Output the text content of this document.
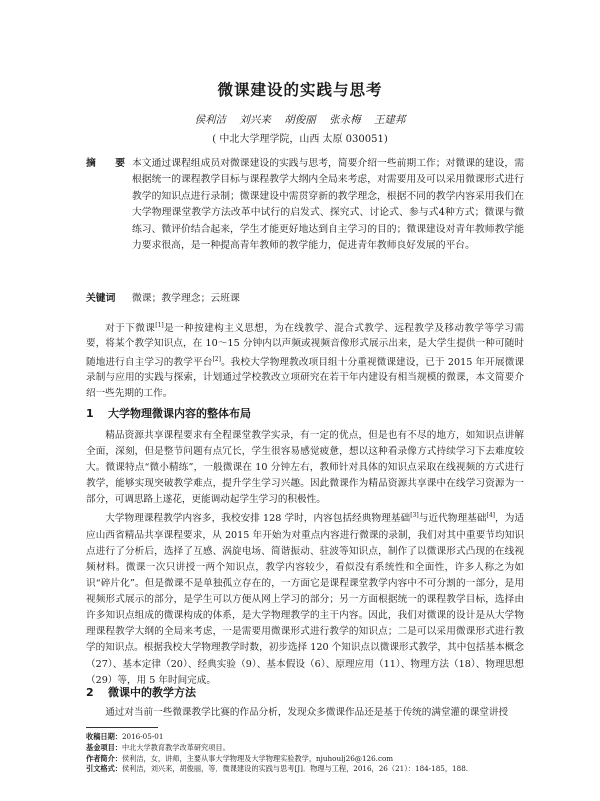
微课建设的实践与思考
侯利洁 刘兴来 胡俊丽 张永梅 王建邦
( 中北大学理学院，山西 太原 030051)
摘 要
本文通过课程组成员对微课建设的实践与思考，简要介绍一些前期工作；对微课的建设，需根据统一的课程教学目标与课程教学大纲内全局来考虑，对需要用及可以采用微课形式进行教学的知识点进行录制；微课建设中需贯穿新的教学理念，根据不同的教学内容采用我们在大学物理课堂教学方法改革中试行的启发式、探究式、讨论式、参与式4种方式；微课与微练习、微评价结合起来，学生才能更好地达到自主学习的目的；微课建设对青年教师教学能力要求很高，是一种提高青年教师的教学能力，促进青年教师良好发展的平台。
关键词 微课；教学理念；云班课
对于下微课[1]是一种按建构主义思想，为在线教学、混合式教学、远程教学及移动教学等学习需要，将某个教学知识点，在 10～15 分钟内以声频或视频音像形式展示出来，是大学生提供一种可随时随地进行自主学习的教学平台[2]。我校大学物理教改项目组十分重视微课建设，已于 2015 年开展微课录制与应用的实践与探索，计划通过学校教改立项研究在若干年内建设有相当规模的微课，本文简要介绍一些先期的工作。
1 大学物理微课内容的整体布局

精品资源共享课程要求有全程课堂教学实录，有一定的优点，但是也有不尽的地方，如知识点讲解全面，深刻，但是整节问题有点冗长，学生很容易感觉疲惫，想以这种看录像方式持续学习下去难度较大。微课特点“微小精练”，一般微课在 10 分钟左右，教师针对具体的知识点采取在线视频的方式进行教学，能够实现突破教学难点，提升学生学习兴趣。因此微课作为精品资源共享课中在线学习资源为一部分，可调思路上遂花，更能调动起学生学习的积极性。

大学物理课程教学内容多，我校安排 128 学时，内容包括经典物理基础[3]与近代物理基础[4]，为适应山西省精品共享课程要求，从 2015 年开始为对重点内容进行微课的录制，我们对其中重要节均知识点进行了分析后，选择了互感、涡旋电场、简谐振动、驻波等知识点，制作了以微课形式凸现的在线视频材料。微课一次只讲授一两个知识点，教学内容较少，看似没有系统性和全面性，许多人称之为如识“碎片化”。但是微课不是单独孤立存在的，一方面它是课程课堂教学内容中不可分割的一部分，是用视频形式展示的部分，是学生可以方便从网上学习的部分；另一方面根据统一的课程教学目标，选择由许多知识点组成的微课构成的体系，是大学物理教学的主干内容。因此，我们对微课的设计是从大学物理课程教学大纲的全局来考虑，一是需要用微课形式进行教学的知识点；二是可以采用微课形式进行教学的知识点。根据我校大学物理教学时数，初步选择 120 个知识点以微课形式教学，其中包括基本概念（27）、基本定律（20）、经典实验（9）、基本假设（6）、原理应用（11）、物理方法（18）、物理思想（29）等，用 5 年时间完成。

2 微课中的教学方法
通过对当前一些微课教学比赛的作品分析，发现众多微课作品还是基于传统的满堂灌的课堂讲授
收稿日期：2016-05-01
基金项目：中北大学教育教学改革研究项目。
作者简介：侯利洁，女，讲师，主要从事大学物理及大学物理实验教学，njuhoulj26@126.com
引文格式：侯利洁，刘兴来，胡俊丽，等．微课建设的实践与思考[J]．物理与工程，2016，26（21）：184-185，188.
